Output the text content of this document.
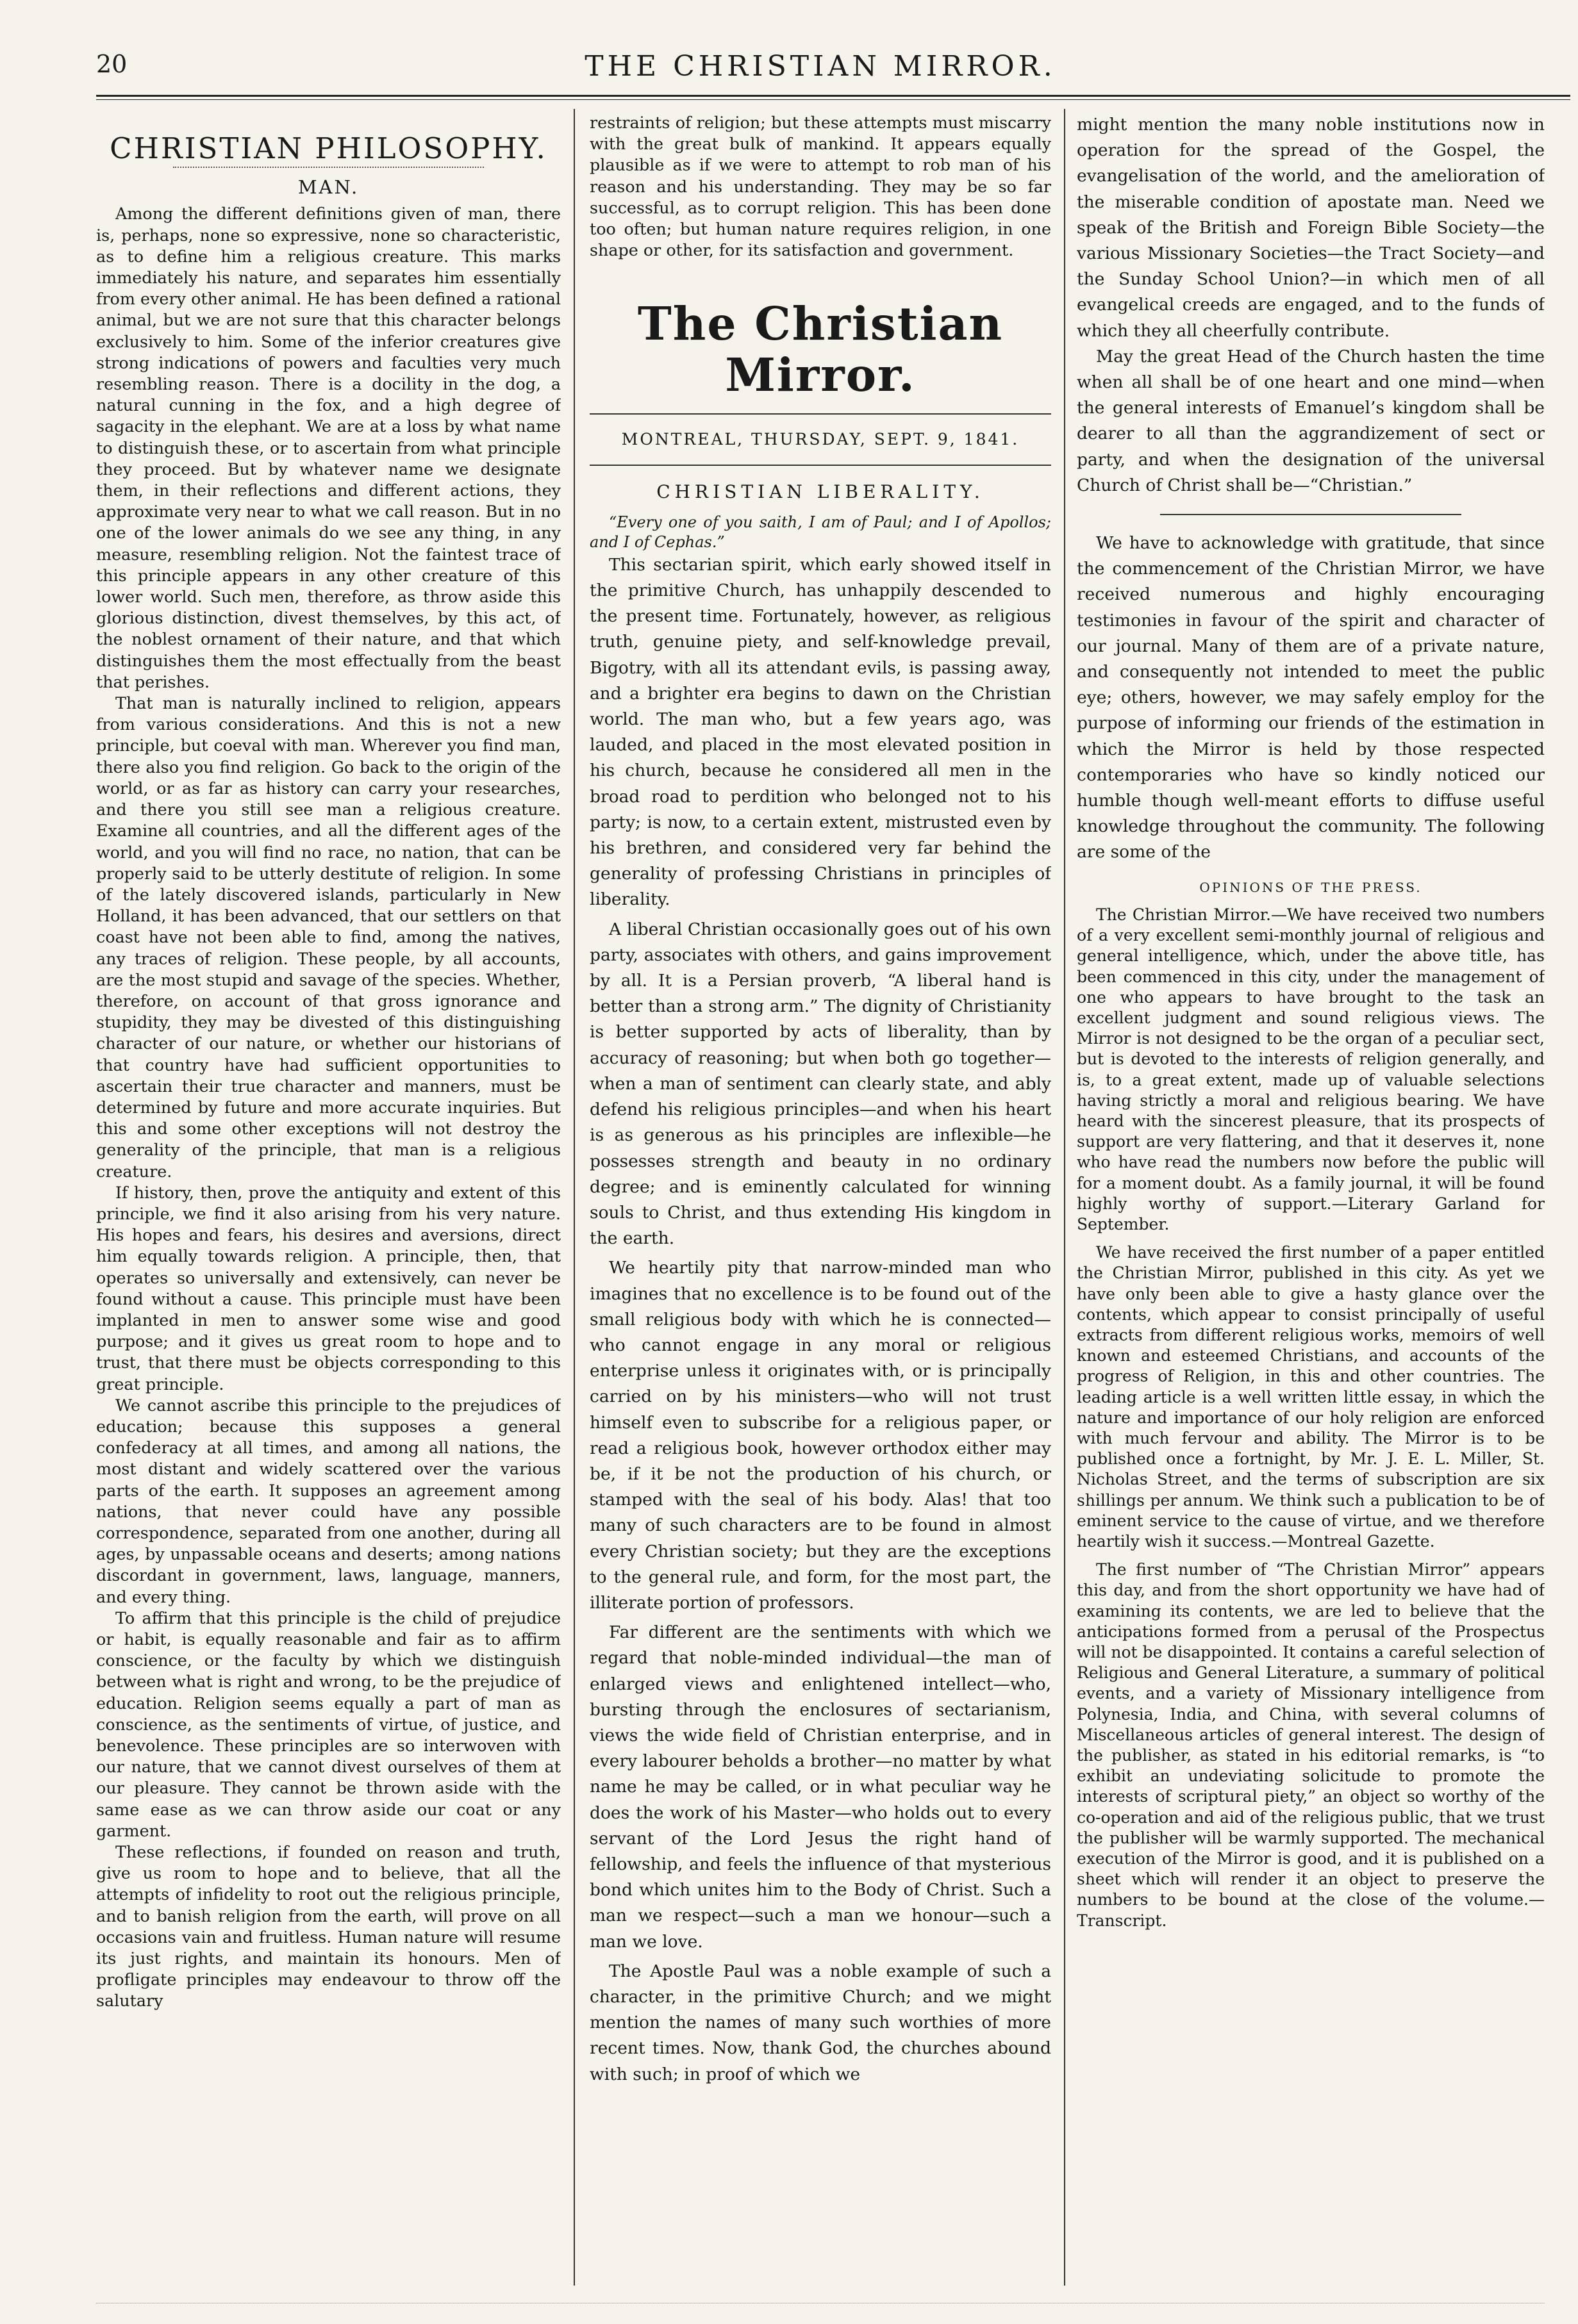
20	THE CHRISTIAN MIRROR.
CHRISTIAN PHILOSOPHY.
MAN.

Among the different definitions given of man, there is, perhaps, none so expressive, none so characteristic, as to define him a religious creature. This marks immediately his nature, and separates him essentially from every other animal. He has been defined a rational animal, but we are not sure that this character belongs exclusively to him. Some of the inferior creatures give strong indications of powers and faculties very much resembling reason. There is a docility in the dog, a natural cunning in the fox, and a high degree of sagacity in the elephant. We are at a loss by what name to distinguish these, or to ascertain from what principle they proceed. But by whatever name we designate them, in their reflections and different actions, they approximate very near to what we call reason. But in no one of the lower animals do we see any thing, in any measure, resembling religion. Not the faintest trace of this principle appears in any other creature of this lower world. Such men, therefore, as throw aside this glorious distinction, divest themselves, by this act, of the noblest ornament of their nature, and that which distinguishes them the most effectually from the beast that perishes.

That man is naturally inclined to religion, appears from various considerations. And this is not a new principle, but coeval with man. Wherever you find man, there also you find religion. Go back to the origin of the world, or as far as history can carry your researches, and there you still see man a religious creature. Examine all countries, and all the different ages of the world, and you will find no race, no nation, that can be properly said to be utterly destitute of religion. In some of the lately discovered islands, particularly in New Holland, it has been advanced, that our settlers on that coast have not been able to find, among the natives, any traces of religion. These people, by all accounts, are the most stupid and savage of the species. Whether, therefore, on account of that gross ignorance and stupidity, they may be divested of this distinguishing character of our nature, or whether our historians of that country have had sufficient opportunities to ascertain their true character and manners, must be determined by future and more accurate inquiries. But this and some other exceptions will not destroy the generality of the principle, that man is a religious creature.

If history, then, prove the antiquity and extent of this principle, we find it also arising from his very nature. His hopes and fears, his desires and aversions, direct him equally towards religion. A principle, then, that operates so universally and extensively, can never be found without a cause. This principle must have been implanted in men to answer some wise and good purpose; and it gives us great room to hope and to trust, that there must be objects corresponding to this great principle.

We cannot ascribe this principle to the prejudices of education; because this supposes a general confederacy at all times, and among all nations, the most distant and widely scattered over the various parts of the earth. It supposes an agreement among nations, that never could have any possible correspondence, separated from one another, during all ages, by unpassable oceans and deserts; among nations discordant in government, laws, language, manners, and every thing.

To affirm that this principle is the child of prejudice or habit, is equally reasonable and fair as to affirm conscience, or the faculty by which we distinguish between what is right and wrong, to be the prejudice of education. Religion seems equally a part of man as conscience, as the sentiments of virtue, of justice, and benevolence. These principles are so interwoven with our nature, that we cannot divest ourselves of them at our pleasure. They cannot be thrown aside with the same ease as we can throw aside our coat or any garment.

These reflections, if founded on reason and truth, give us room to hope and to believe, that all the attempts of infidelity to root out the religious principle, and to banish religion from the earth, will prove on all occasions vain and fruitless. Human nature will resume its just rights, and maintain its honours. Men of profligate principles may endeavour to throw off the salutary

restraints of religion; but these attempts must miscarry with the great bulk of mankind. It appears equally plausible as if we were to attempt to rob man of his reason and his understanding. They may be so far successful, as to corrupt religion. This has been done too often; but human nature requires religion, in one shape or other, for its satisfaction and government.

The Christian Mirror.
MONTREAL, THURSDAY, SEPT. 9, 1841.
CHRISTIAN LIBERALITY.

“Every one of you saith, I am of Paul; and I of Apollos; and I of Cephas.”

This sectarian spirit, which early showed itself in the primitive Church, has unhappily descended to the present time. Fortunately, however, as religious truth, genuine piety, and self-knowledge prevail, Bigotry, with all its attendant evils, is passing away, and a brighter era begins to dawn on the Christian world. The man who, but a few years ago, was lauded, and placed in the most elevated position in his church, because he considered all men in the broad road to perdition who belonged not to his party; is now, to a certain extent, mistrusted even by his brethren, and considered very far behind the generality of professing Christians in principles of liberality.

A liberal Christian occasionally goes out of his own party, associates with others, and gains improvement by all. It is a Persian proverb, “A liberal hand is better than a strong arm.” The dignity of Christianity is better supported by acts of liberality, than by accuracy of reasoning; but when both go together—when a man of sentiment can clearly state, and ably defend his religious principles—and when his heart is as generous as his principles are inflexible—he possesses strength and beauty in no ordinary degree; and is eminently calculated for winning souls to Christ, and thus extending His kingdom in the earth.

We heartily pity that narrow-minded man who imagines that no excellence is to be found out of the small religious body with which he is connected—who cannot engage in any moral or religious enterprise unless it originates with, or is principally carried on by his ministers—who will not trust himself even to subscribe for a religious paper, or read a religious book, however orthodox either may be, if it be not the production of his church, or stamped with the seal of his body. Alas! that too many of such characters are to be found in almost every Christian society; but they are the exceptions to the general rule, and form, for the most part, the illiterate portion of professors.

Far different are the sentiments with which we regard that noble-minded individual—the man of enlarged views and enlightened intellect—who, bursting through the enclosures of sectarianism, views the wide field of Christian enterprise, and in every labourer beholds a brother—no matter by what name he may be called, or in what peculiar way he does the work of his Master—who holds out to every servant of the Lord Jesus the right hand of fellowship, and feels the influence of that mysterious bond which unites him to the Body of Christ. Such a man we respect—such a man we honour—such a man we love.

The Apostle Paul was a noble example of such a character, in the primitive Church; and we might mention the names of many such worthies of more recent times. Now, thank God, the churches abound with such; in proof of which we

might mention the many noble institutions now in operation for the spread of the Gospel, the evangelisation of the world, and the amelioration of the miserable condition of apostate man. Need we speak of the British and Foreign Bible Society—the various Missionary Societies—the Tract Society—and the Sunday School Union?—in which men of all evangelical creeds are engaged, and to the funds of which they all cheerfully contribute.

May the great Head of the Church hasten the time when all shall be of one heart and one mind—when the general interests of Emanuel’s kingdom shall be dearer to all than the aggrandizement of sect or party, and when the designation of the universal Church of Christ shall be—“Christian.”

We have to acknowledge with gratitude, that since the commencement of the Christian Mirror, we have received numerous and highly encouraging testimonies in favour of the spirit and character of our journal. Many of them are of a private nature, and consequently not intended to meet the public eye; others, however, we may safely employ for the purpose of informing our friends of the estimation in which the Mirror is held by those respected contemporaries who have so kindly noticed our humble though well-meant efforts to diffuse useful knowledge throughout the community. The following are some of the

OPINIONS OF THE PRESS.

The Christian Mirror.—We have received two numbers of a very excellent semi-monthly journal of religious and general intelligence, which, under the above title, has been commenced in this city, under the management of one who appears to have brought to the task an excellent judgment and sound religious views. The Mirror is not designed to be the organ of a peculiar sect, but is devoted to the interests of religion generally, and is, to a great extent, made up of valuable selections having strictly a moral and religious bearing. We have heard with the sincerest pleasure, that its prospects of support are very flattering, and that it deserves it, none who have read the numbers now before the public will for a moment doubt. As a family journal, it will be found highly worthy of support.—Literary Garland for September.

We have received the first number of a paper entitled the Christian Mirror, published in this city. As yet we have only been able to give a hasty glance over the contents, which appear to consist principally of useful extracts from different religious works, memoirs of well known and esteemed Christians, and accounts of the progress of Religion, in this and other countries. The leading article is a well written little essay, in which the nature and importance of our holy religion are enforced with much fervour and ability. The Mirror is to be published once a fortnight, by Mr. J. E. L. Miller, St. Nicholas Street, and the terms of subscription are six shillings per annum. We think such a publication to be of eminent service to the cause of virtue, and we therefore heartily wish it success.—Montreal Gazette.

The first number of “The Christian Mirror” appears this day, and from the short opportunity we have had of examining its contents, we are led to believe that the anticipations formed from a perusal of the Prospectus will not be disappointed. It contains a careful selection of Religious and General Literature, a summary of political events, and a variety of Missionary intelligence from Polynesia, India, and China, with several columns of Miscellaneous articles of general interest. The design of the publisher, as stated in his editorial remarks, is “to exhibit an undeviating solicitude to promote the interests of scriptural piety,” an object so worthy of the co-operation and aid of the religious public, that we trust the publisher will be warmly supported. The mechanical execution of the Mirror is good, and it is published on a sheet which will render it an object to preserve the numbers to be bound at the close of the volume.—Transcript.
